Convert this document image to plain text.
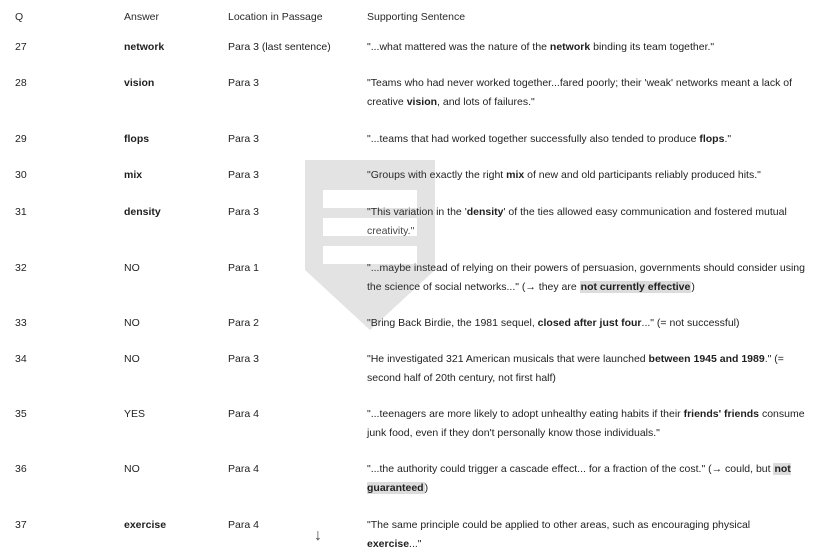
Q	Answer	Location in Passage	Supporting Sentence
27	network	Para 3 (last sentence)	"...what mattered was the nature of the network binding its team together."
28	vision	Para 3	"Teams who had never worked together...fared poorly; their 'weak' networks meant a lack of creative vision, and lots of failures."
29	flops	Para 3	"...teams that had worked together successfully also tended to produce flops."
30	mix	Para 3	"Groups with exactly the right mix of new and old participants reliably produced hits."
31	density	Para 3	"This variation in the 'density' of the ties allowed easy communication and fostered mutual creativity."
32	NO	Para 1	"...maybe instead of relying on their powers of persuasion, governments should consider using the science of social networks..." (→ they are not currently effective)
33	NO	Para 2	"Bring Back Birdie, the 1981 sequel, closed after just four..." (= not successful)
34	NO	Para 3	"He investigated 321 American musicals that were launched between 1945 and 1989." (= second half of 20th century, not first half)
35	YES	Para 4	"...teenagers are more likely to adopt unhealthy eating habits if their friends' friends consume junk food, even if they don't personally know those individuals."
36	NO	Para 4	"...the authority could trigger a cascade effect... for a fraction of the cost." (→ could, but not guaranteed)
37	exercise	Para 4	"The same principle could be applied to other areas, such as encouraging physical exercise..."
↓
